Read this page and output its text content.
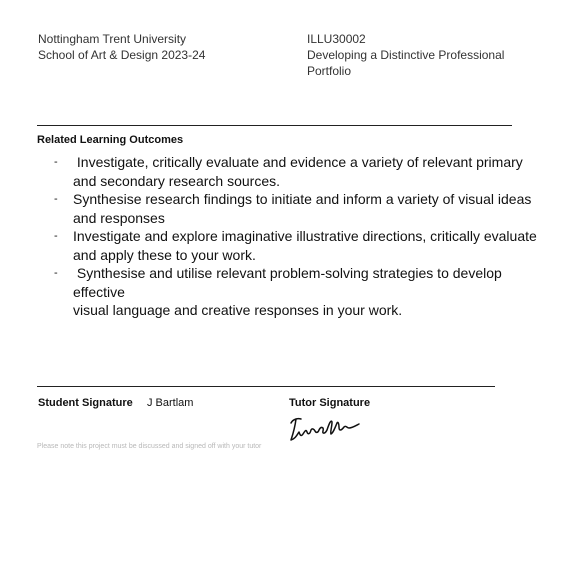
Nottingham Trent University
School of Art & Design 2023-24
ILLU30002
Developing a Distinctive Professional Portfolio
Related Learning Outcomes
- Investigate, critically evaluate and evidence a variety of relevant primary and secondary research sources.
- Synthesise research findings to initiate and inform a variety of visual ideas and responses
- Investigate and explore imaginative illustrative directions, critically evaluate and apply these to your work.
- Synthesise and utilise relevant problem-solving strategies to develop effective
visual language and creative responses in your work.
Student Signature J Bartlam	Tutor Signature
Please note this project must be discussed and signed off with your tutor
